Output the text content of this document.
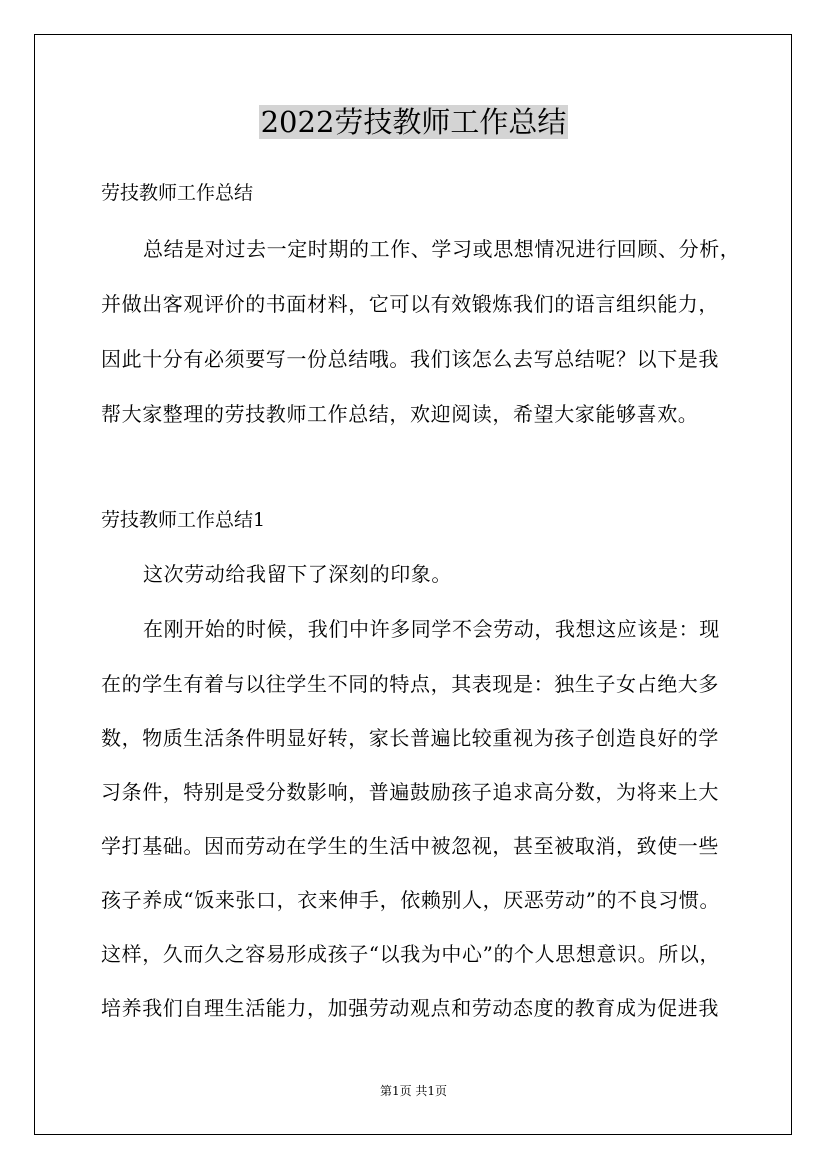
2022劳技教师工作总结
劳技教师工作总结
总结是对过去一定时期的工作、学习或思想情况进行回顾、分析，
并做出客观评价的书面材料，它可以有效锻炼我们的语言组织能力，
因此十分有必须要写一份总结哦。我们该怎么去写总结呢？以下是我
帮大家整理的劳技教师工作总结，欢迎阅读，希望大家能够喜欢。
劳技教师工作总结1
这次劳动给我留下了深刻的印象。
在刚开始的时候，我们中许多同学不会劳动，我想这应该是：现
在的学生有着与以往学生不同的特点，其表现是：独生子女占绝大多
数，物质生活条件明显好转，家长普遍比较重视为孩子创造良好的学
习条件，特别是受分数影响，普遍鼓励孩子追求高分数，为将来上大
学打基础。因而劳动在学生的生活中被忽视，甚至被取消，致使一些
孩子养成“饭来张口，衣来伸手，依赖别人，厌恶劳动”的不良习惯。
这样，久而久之容易形成孩子“以我为中心”的个人思想意识。所以，
培养我们自理生活能力，加强劳动观点和劳动态度的教育成为促进我
第1页 共1页
